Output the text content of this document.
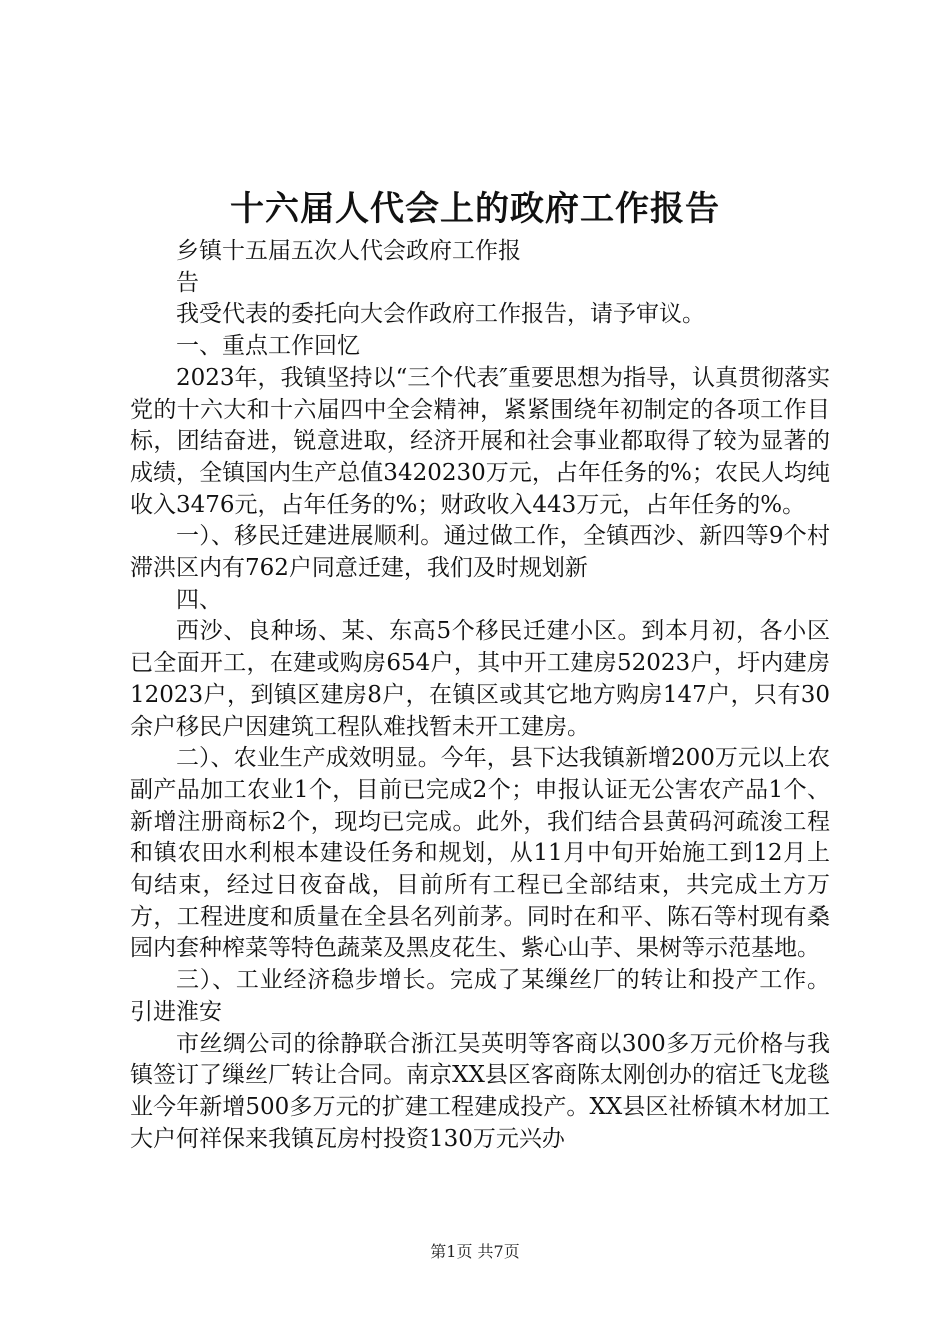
十六届人代会上的政府工作报告

乡镇十五届五次人代会政府工作报

告

我受代表的委托向大会作政府工作报告，请予审议。

一、重点工作回忆

2023年，我镇坚持以“三个代表″重要思想为指导，认真贯彻落实党的十六大和十六届四中全会精神，紧紧围绕年初制定的各项工作目标，团结奋进，锐意进取，经济开展和社会事业都取得了较为显著的成绩，全镇国内生产总值3420230万元，占年任务的%；农民人均纯收入3476元，占年任务的%；财政收入443万元，占年任务的%。

一）、移民迁建进展顺利。通过做工作，全镇西沙、新四等9个村滞洪区内有762户同意迁建，我们及时规划新

四、

西沙、良种场、某、东高5个移民迁建小区。到本月初，各小区已全面开工，在建或购房654户，其中开工建房52023户，圩内建房12023户，到镇区建房8户，在镇区或其它地方购房147户，只有30余户移民户因建筑工程队难找暂未开工建房。

二）、农业生产成效明显。今年，县下达我镇新增200万元以上农副产品加工农业1个，目前已完成2个；申报认证无公害农产品1个、新增注册商标2个，现均已完成。此外，我们结合县黄码河疏浚工程和镇农田水利根本建设任务和规划，从11月中旬开始施工到12月上旬结束，经过日夜奋战，目前所有工程已全部结束，共完成土方万方，工程进度和质量在全县名列前茅。同时在和平、陈石等村现有桑园内套种榨菜等特色蔬菜及黑皮花生、紫心山芋、果树等示范基地。

三）、工业经济稳步增长。完成了某缫丝厂的转让和投产工作。引进淮安

市丝绸公司的徐静联合浙江吴英明等客商以300多万元价格与我镇签订了缫丝厂转让合同。南京XX县区客商陈太刚创办的宿迁飞龙毯业今年新增500多万元的扩建工程建成投产。XX县区社桥镇木材加工大户何祥保来我镇瓦房村投资130万元兴办

第1页 共7页
